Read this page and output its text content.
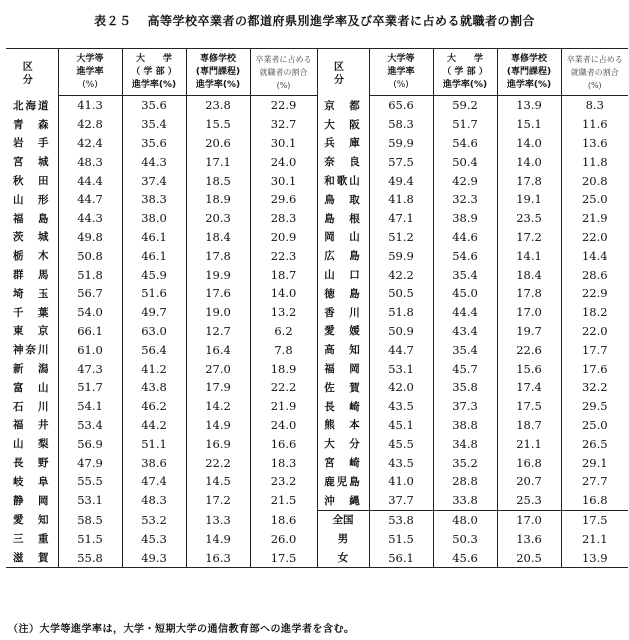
表２５ 高等学校卒業者の都道府県別進学率及び卒業者に占める就職者の割合
区　分	大学等	大　　学	専修学校	卒業者に占める	区　分	大学等	大　　学	専修学校	卒業者に占める
	進学率	（ 学 部 ）	(専門課程)	就職者の割合		進学率	（ 学 部 ）	(専門課程)	就職者の割合
	(%)	進学率(%)	進学率(%)	(%)		(%)	進学率(%)	進学率(%)	(%)
北海道	41.3	35.6	23.8	22.9	京　都	65.6	59.2	13.9	8.3
青　森	42.8	35.4	15.5	32.7	大　阪	58.3	51.7	15.1	11.6
岩　手	42.4	35.6	20.6	30.1	兵　庫	59.9	54.6	14.0	13.6
宮　城	48.3	44.3	17.1	24.0	奈　良	57.5	50.4	14.0	11.8
秋　田	44.4	37.4	18.5	30.1	和歌山	49.4	42.9	17.8	20.8
山　形	44.7	38.3	18.9	29.6	鳥　取	41.8	32.3	19.1	25.0
福　島	44.3	38.0	20.3	28.3	島　根	47.1	38.9	23.5	21.9
茨　城	49.8	46.1	18.4	20.9	岡　山	51.2	44.6	17.2	22.0
栃　木	50.8	46.1	17.8	22.3	広　島	59.9	54.6	14.1	14.4
群　馬	51.8	45.9	19.9	18.7	山　口	42.2	35.4	18.4	28.6
埼　玉	56.7	51.6	17.6	14.0	徳　島	50.5	45.0	17.8	22.9
千　葉	54.0	49.7	19.0	13.2	香　川	51.8	44.4	17.0	18.2
東　京	66.1	63.0	12.7	6.2	愛　媛	50.9	43.4	19.7	22.0
神奈川	61.0	56.4	16.4	7.8	高　知	44.7	35.4	22.6	17.7
新　潟	47.3	41.2	27.0	18.9	福　岡	53.1	45.7	15.6	17.6
富　山	51.7	43.8	17.9	22.2	佐　賀	42.0	35.8	17.4	32.2
石　川	54.1	46.2	14.2	21.9	長　崎	43.5	37.3	17.5	29.5
福　井	53.4	44.2	14.9	24.0	熊　本	45.1	38.8	18.7	25.0
山　梨	56.9	51.1	16.9	16.6	大　分	45.5	34.8	21.1	26.5
長　野	47.9	38.6	22.2	18.3	宮　崎	43.5	35.2	16.8	29.1
岐　阜	55.5	47.4	14.5	23.2	鹿児島	41.0	28.8	20.7	27.7
静　岡	53.1	48.3	17.2	21.5	沖　縄	37.7	33.8	25.3	16.8
愛　知	58.5	53.2	13.3	18.6	全国	53.8	48.0	17.0	17.5
三　重	51.5	45.3	14.9	26.0	男	51.5	50.3	13.6	21.1
滋　賀	55.8	49.3	16.3	17.5	女	56.1	45.6	20.5	13.9
（注）大学等進学率は，大学・短期大学の通信教育部への進学者を含む。
